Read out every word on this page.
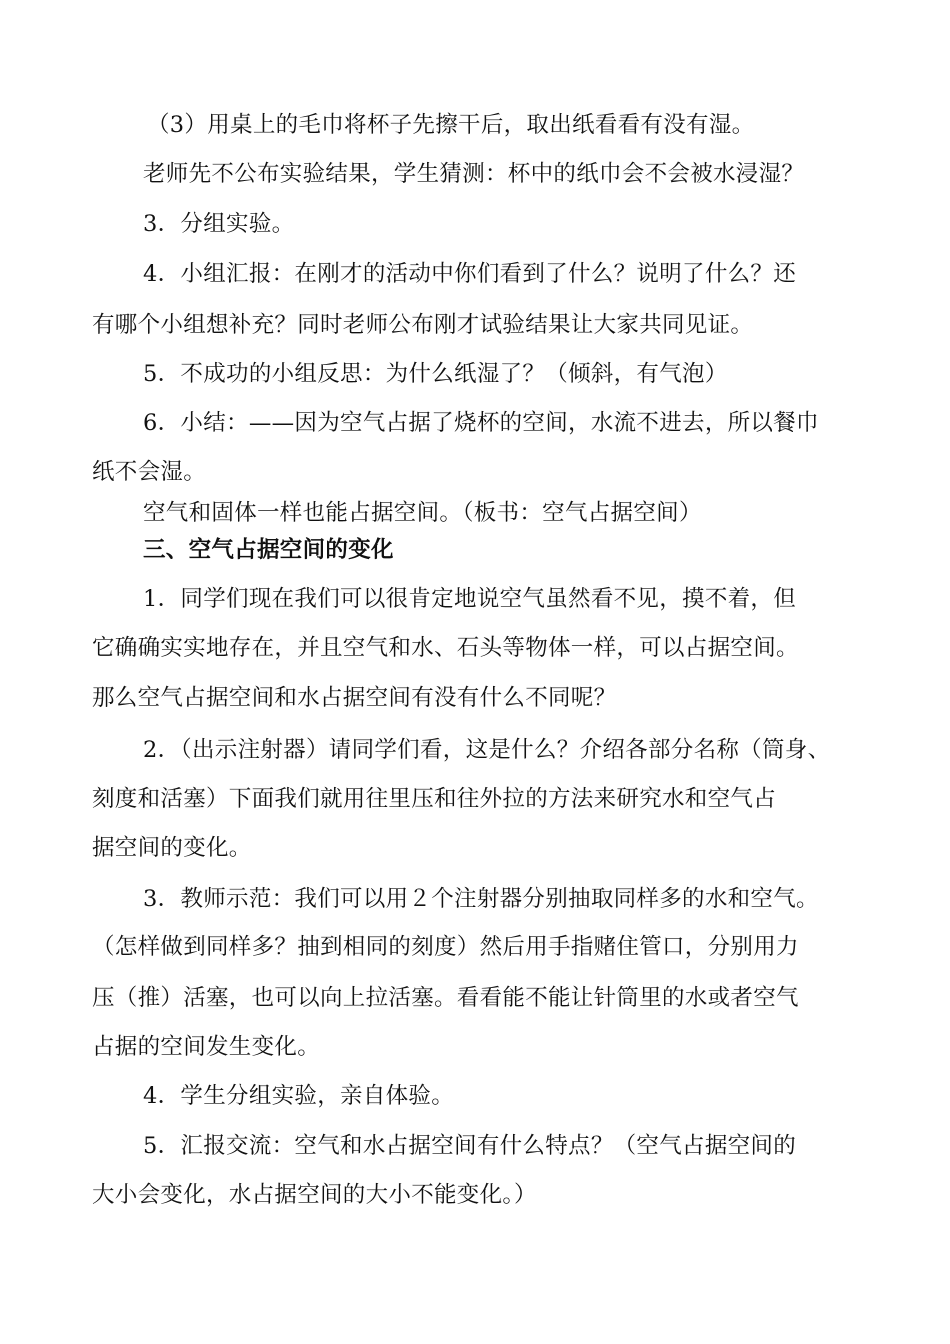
（3）用桌上的毛巾将杯子先擦干后，取出纸看看有没有湿。
老师先不公布实验结果，学生猜测：杯中的纸巾会不会被水浸湿？
3．分组实验。
4．小组汇报：在刚才的活动中你们看到了什么？说明了什么？还
有哪个小组想补充？同时老师公布刚才试验结果让大家共同见证。
5．不成功的小组反思：为什么纸湿了？（倾斜，有气泡）
6．小结：——因为空气占据了烧杯的空间，水流不进去，所以餐巾
纸不会湿。
空气和固体一样也能占据空间。（板书：空气占据空间）
三、空气占据空间的变化
1．同学们现在我们可以很肯定地说空气虽然看不见，摸不着，但
它确确实实地存在，并且空气和水、石头等物体一样，可以占据空间。
那么空气占据空间和水占据空间有没有什么不同呢？
2．（出示注射器）请同学们看，这是什么？介绍各部分名称（筒身、
刻度和活塞）下面我们就用往里压和往外拉的方法来研究水和空气占
据空间的变化。
3．教师示范：我们可以用２个注射器分别抽取同样多的水和空气。
（怎样做到同样多？抽到相同的刻度）然后用手指赌住管口，分别用力
压（推）活塞，也可以向上拉活塞。看看能不能让针筒里的水或者空气
占据的空间发生变化。
4．学生分组实验，亲自体验。
5．汇报交流：空气和水占据空间有什么特点？（空气占据空间的
大小会变化，水占据空间的大小不能变化。）
